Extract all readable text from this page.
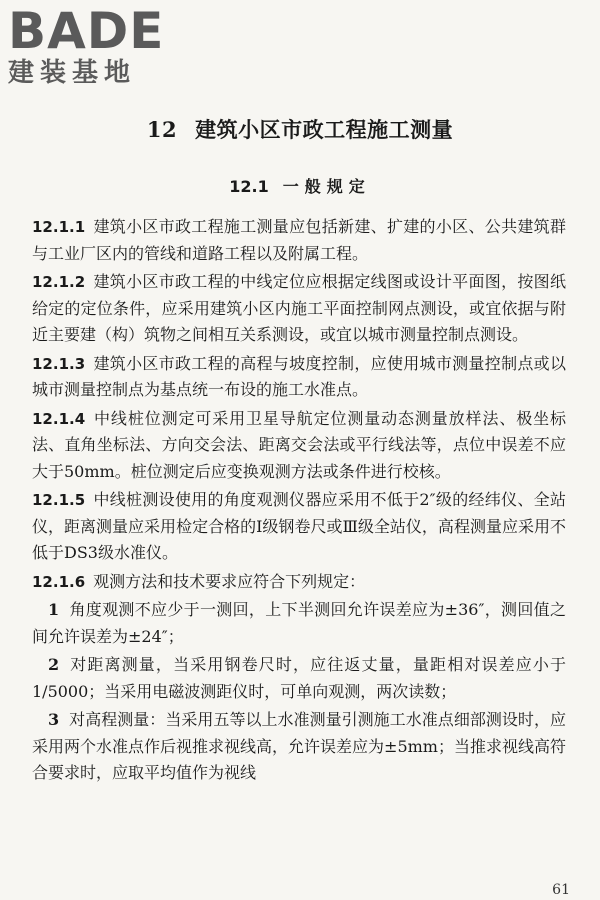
BADE
建装基地
12 建筑小区市政工程施工测量
12.1 一般规定

12.1.1 建筑小区市政工程施工测量应包括新建、扩建的小区、公共建筑群与工业厂区内的管线和道路工程以及附属工程。

12.1.2 建筑小区市政工程的中线定位应根据定线图或设计平面图，按图纸给定的定位条件，应采用建筑小区内施工平面控制网点测设，或宜依据与附近主要建（构）筑物之间相互关系测设，或宜以城市测量控制点测设。

12.1.3 建筑小区市政工程的高程与坡度控制，应使用城市测量控制点或以城市测量控制点为基点统一布设的施工水准点。

12.1.4 中线桩位测定可采用卫星导航定位测量动态测量放样法、极坐标法、直角坐标法、方向交会法、距离交会法或平行线法等，点位中误差不应大于50mm。桩位测定后应变换观测方法或条件进行校核。

12.1.5 中线桩测设使用的角度观测仪器应采用不低于2″级的经纬仪、全站仪，距离测量应采用检定合格的Ⅰ级钢卷尺或Ⅲ级全站仪，高程测量应采用不低于DS3级水准仪。

12.1.6 观测方法和技术要求应符合下列规定：

1 角度观测不应少于一测回，上下半测回允许误差应为±36″，测回值之间允许误差为±24″；

2 对距离测量，当采用钢卷尺时，应往返丈量，量距相对误差应小于1/5000；当采用电磁波测距仪时，可单向观测，两次读数；

3 对高程测量：当采用五等以上水准测量引测施工水准点细部测设时，应采用两个水准点作后视推求视线高，允许误差应为±5mm；当推求视线高符合要求时，应取平均值作为视线

61
